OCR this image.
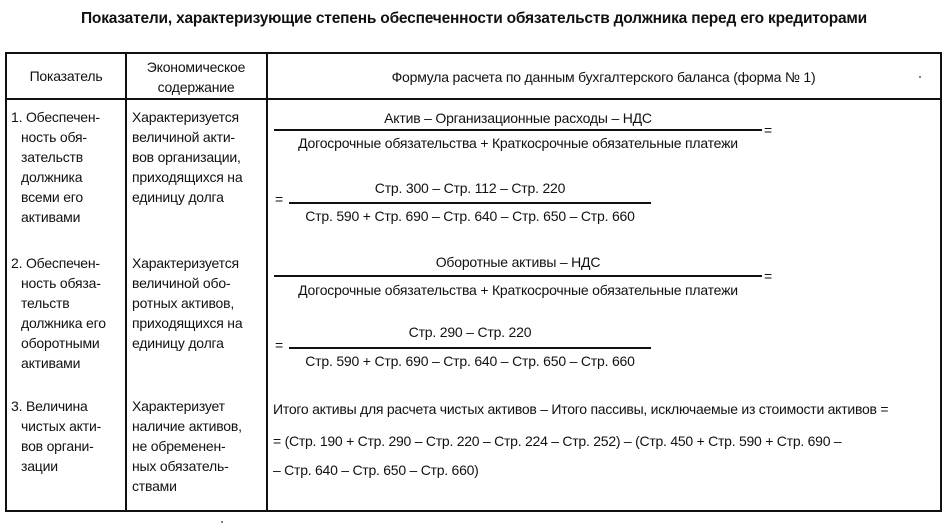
Показатели, характеризующие степень обеспеченности обязательств должника перед его кредиторами
Показатель
Экономическое
содержание
Формула расчета по данным бухгалтерского баланса (форма № 1)
1. Обеспечен-
ность обя-
зательств
должника
всеми его
активами
Характеризуется
величиной акти-
вов организации,
приходящихся на
единицу долга
Актив – Организационные расходы – НДС
Догосрочные обязательства + Краткосрочные обязательные платежи
=
=
Стр. 300 – Стр. 112 – Стр. 220
Стр. 590 + Стр. 690 – Стр. 640 – Стр. 650 – Стр. 660
2. Обеспечен-
ность обяза-
тельств
должника его
оборотными
активами
Характеризуется
величиной обо-
ротных активов,
приходящихся на
единицу долга
Оборотные активы – НДС
Догосрочные обязательства + Краткосрочные обязательные платежи
=
=
Стр. 290 – Стр. 220
Стр. 590 + Стр. 690 – Стр. 640 – Стр. 650 – Стр. 660
3. Величина
чистых акти-
вов органи-
зации
Характеризует
наличие активов,
не обременен-
ных обязатель-
ствами
Итого активы для расчета чистых активов – Итого пассивы, исключаемые из стоимости активов =
= (Стр. 190 + Стр. 290 – Стр. 220 – Стр. 224 – Стр. 252) – (Стр. 450 + Стр. 590 + Стр. 690 –
– Стр. 640 – Стр. 650 – Стр. 660)
